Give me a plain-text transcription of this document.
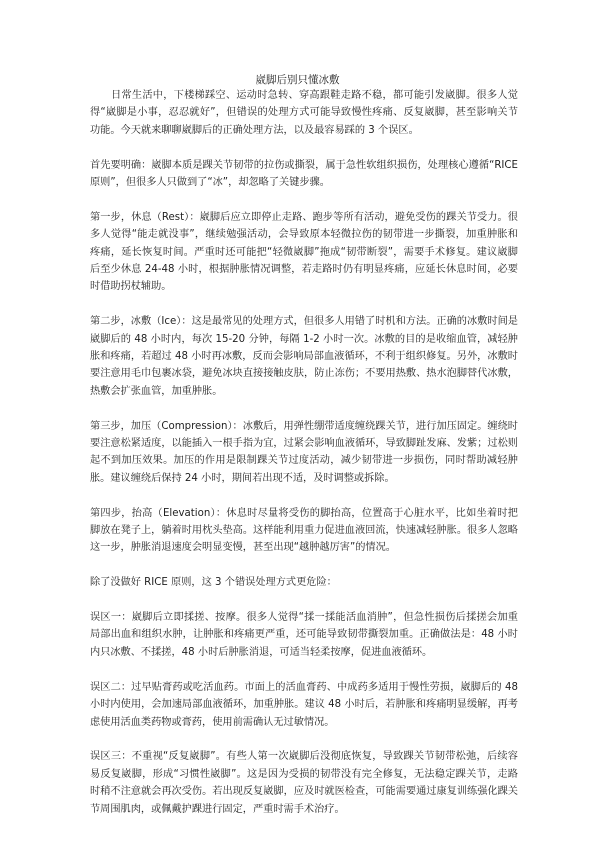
崴脚后别只懂冰敷

日常生活中，下楼梯踩空、运动时急转、穿高跟鞋走路不稳，都可能引发崴脚。很多人觉得“崴脚是小事，忍忍就好”，但错误的处理方式可能导致慢性疼痛、反复崴脚，甚至影响关节功能。今天就来聊聊崴脚后的正确处理方法，以及最容易踩的 3 个误区。

首先要明确：崴脚本质是踝关节韧带的拉伤或撕裂，属于急性软组织损伤，处理核心遵循“RICE 原则”，但很多人只做到了“冰”，却忽略了关键步骤。

第一步，休息（Rest）：崴脚后应立即停止走路、跑步等所有活动，避免受伤的踝关节受力。很多人觉得“能走就没事”，继续勉强活动，会导致原本轻微拉伤的韧带进一步撕裂，加重肿胀和疼痛，延长恢复时间。严重时还可能把“轻微崴脚”拖成“韧带断裂”，需要手术修复。建议崴脚后至少休息 24-48 小时，根据肿胀情况调整，若走路时仍有明显疼痛，应延长休息时间，必要时借助拐杖辅助。

第二步，冰敷（Ice）：这是最常见的处理方式，但很多人用错了时机和方法。正确的冰敷时间是崴脚后的 48 小时内，每次 15-20 分钟，每隔 1-2 小时一次。冰敷的目的是收缩血管，减轻肿胀和疼痛，若超过 48 小时再冰敷，反而会影响局部血液循环，不利于组织修复。另外，冰敷时要注意用毛巾包裹冰袋，避免冰块直接接触皮肤，防止冻伤；不要用热敷、热水泡脚替代冰敷，热敷会扩张血管，加重肿胀。

第三步，加压（Compression）：冰敷后，用弹性绷带适度缠绕踝关节，进行加压固定。缠绕时要注意松紧适度，以能插入一根手指为宜，过紧会影响血液循环，导致脚趾发麻、发紫；过松则起不到加压效果。加压的作用是限制踝关节过度活动，减少韧带进一步损伤，同时帮助减轻肿胀。建议缠绕后保持 24 小时，期间若出现不适，及时调整或拆除。

第四步，抬高（Elevation）：休息时尽量将受伤的脚抬高，位置高于心脏水平，比如坐着时把脚放在凳子上，躺着时用枕头垫高。这样能利用重力促进血液回流，快速减轻肿胀。很多人忽略这一步，肿胀消退速度会明显变慢，甚至出现“越肿越厉害”的情况。

除了没做好 RICE 原则，这 3 个错误处理方式更危险：

误区一：崴脚后立即揉搓、按摩。很多人觉得“揉一揉能活血消肿”，但急性损伤后揉搓会加重局部出血和组织水肿，让肿胀和疼痛更严重，还可能导致韧带撕裂加重。正确做法是：48 小时内只冰敷、不揉搓，48 小时后肿胀消退，可适当轻柔按摩，促进血液循环。

误区二：过早贴膏药或吃活血药。市面上的活血膏药、中成药多适用于慢性劳损，崴脚后的 48 小时内使用，会加速局部血液循环，加重肿胀。建议 48 小时后，若肿胀和疼痛明显缓解，再考虑使用活血类药物或膏药，使用前需确认无过敏情况。

误区三：不重视“反复崴脚”。有些人第一次崴脚后没彻底恢复，导致踝关节韧带松弛，后续容易反复崴脚，形成“习惯性崴脚”。这是因为受损的韧带没有完全修复，无法稳定踝关节，走路时稍不注意就会再次受伤。若出现反复崴脚，应及时就医检查，可能需要通过康复训练强化踝关节周围肌肉，或佩戴护踝进行固定，严重时需手术治疗。
